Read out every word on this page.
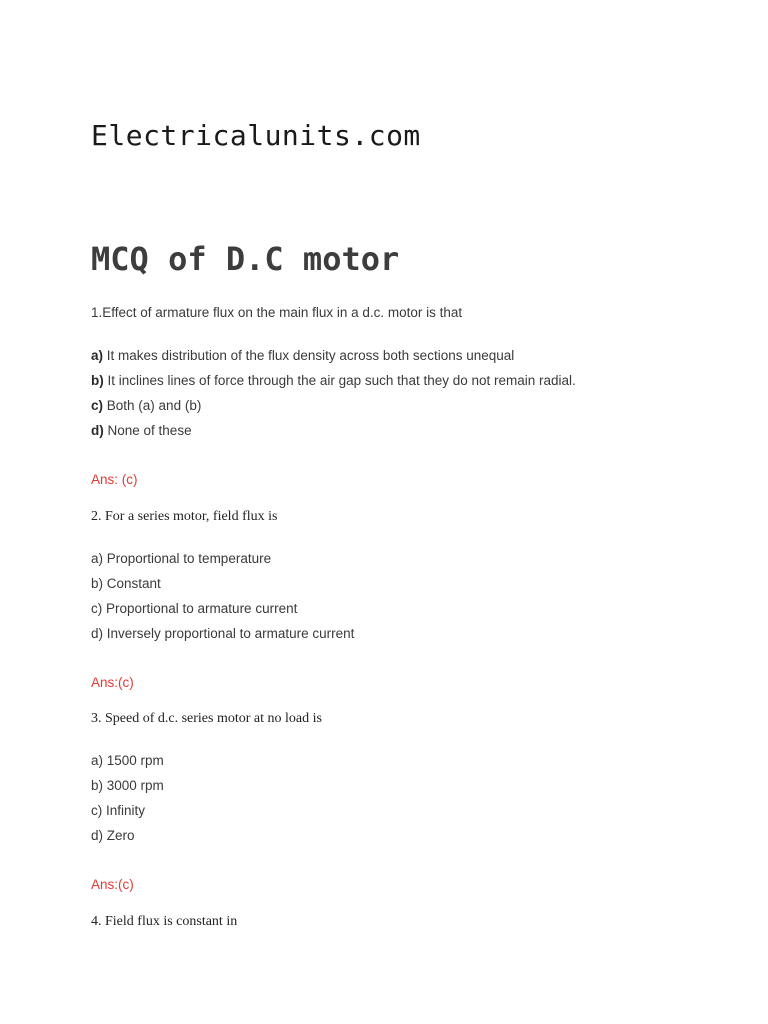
Electricalunits.com
MCQ of D.C motor
1.Effect of armature flux on the main flux in a d.c. motor is that
a) It makes distribution of the flux density across both sections unequal
b) It inclines lines of force through the air gap such that they do not remain radial.
c) Both (a) and (b)
d) None of these
Ans: (c)
2. For a series motor, field flux is
a) Proportional to temperature
b) Constant
c) Proportional to armature current
d) Inversely proportional to armature current
Ans:(c)
3. Speed of d.c. series motor at no load is
a) 1500 rpm
b) 3000 rpm
c) Infinity
d) Zero
Ans:(c)
4. Field flux is constant in
